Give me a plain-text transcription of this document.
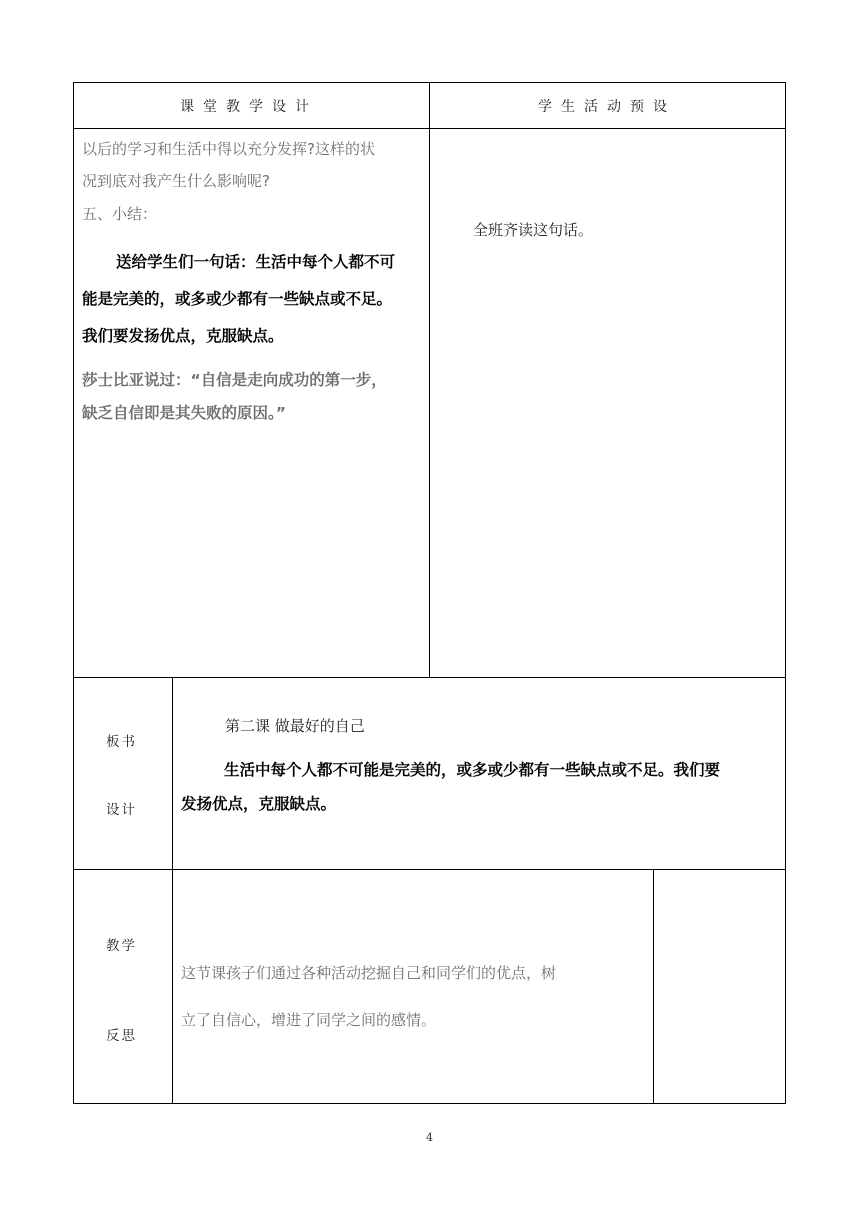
课堂教学设计	学生活动预设
以后的学习和生活中得以充分发挥?这样的状
况到底对我产生什么影响呢?
五、小结：
送给学生们一句话：生活中每个人都不可
能是完美的，或多或少都有一些缺点或不足。
我们要发扬优点，克服缺点。
莎士比亚说过：“自信是走向成功的第一步，
缺乏自信即是其失败的原因。”
全班齐读这句话。
板书
设计
第二课 做最好的自己
生活中每个人都不可能是完美的，或多或少都有一些缺点或不足。我们要
发扬优点，克服缺点。
教学
反思
这节课孩子们通过各种活动挖掘自己和同学们的优点，树
立了自信心，增进了同学之间的感情。
4
